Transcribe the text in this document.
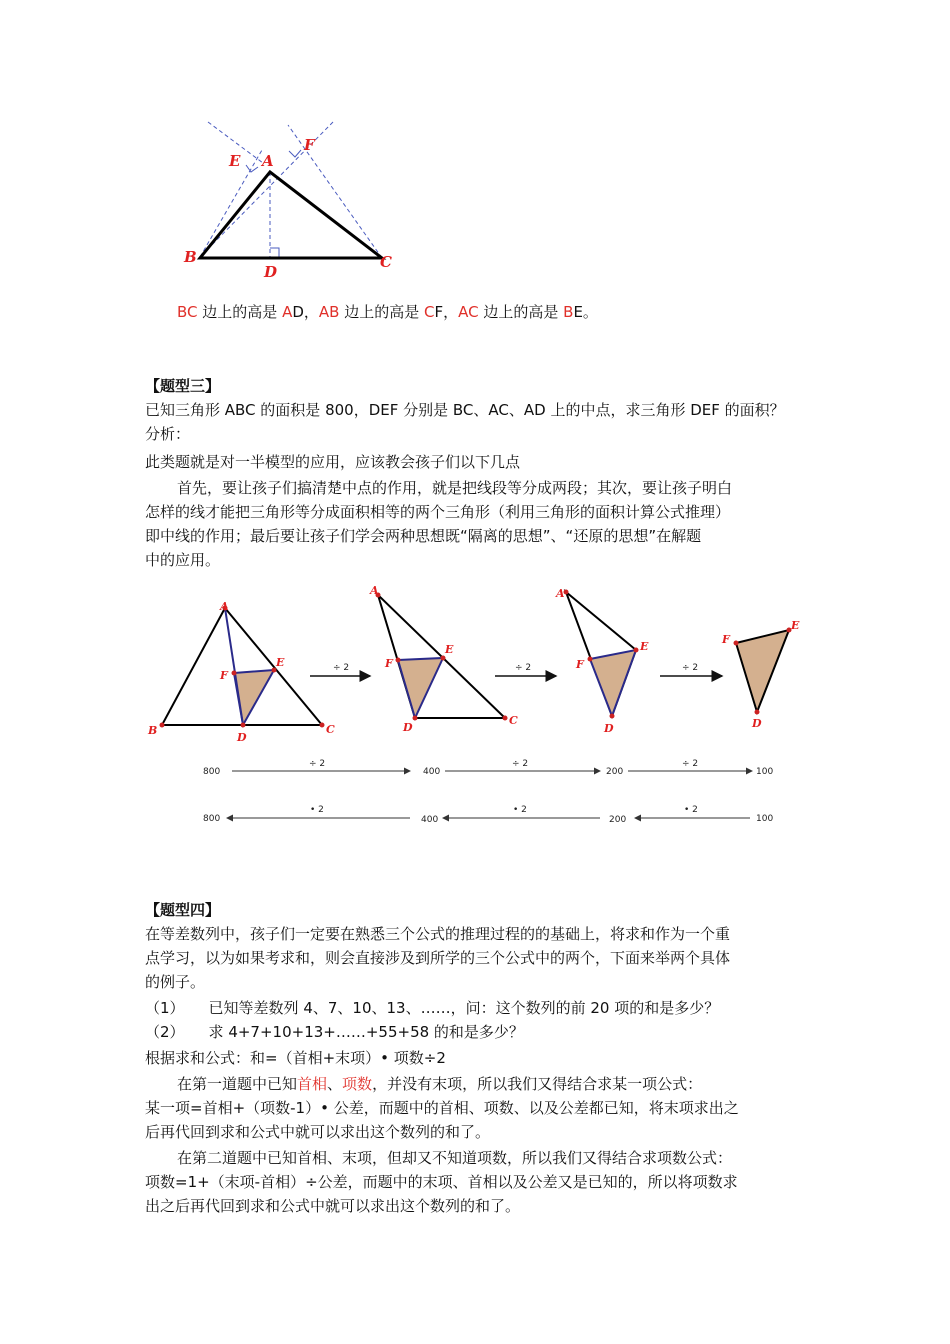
A
B	C
D
E
F
BC 边上的高是 AD，AB 边上的高是 CF，AC 边上的高是 BE。
【题型三】
已知三角形 ABC 的面积是 800，DEF 分别是 BC、AC、AD 上的中点，求三角形 DEF 的面积？
分析：
此类题就是对一半模型的应用，应该教会孩子们以下几点
首先，要让孩子们搞清楚中点的作用，就是把线段等分成两段；其次，要让孩子明白
怎样的线才能把三角形等分成面积相等的两个三角形（利用三角形的面积计算公式推理）
即中线的作用；最后要让孩子们学会两种思想既“隔离的思想”、“还原的思想”在解题
中的应用。
A
B	C
D
E
F
÷ 2
A
D
C
E
F	÷ 2
A
D
E
F	÷ 2
F
E
D
800
÷ 2
400
÷ 2
200
÷ 2
100
800
• 2
400
• 2
200
• 2
100
【题型四】
在等差数列中，孩子们一定要在熟悉三个公式的推理过程的的基础上，将求和作为一个重
点学习，以为如果考求和，则会直接涉及到所学的三个公式中的两个，下面来举两个具体
的例子。
（1） 已知等差数列 4、7、10、13、……，问：这个数列的前 20 项的和是多少？
（2） 求 4+7+10+13+……+55+58 的和是多少？
根据求和公式：和=（首相+末项）• 项数÷2
在第一道题中已知首相、项数，并没有末项，所以我们又得结合求某一项公式：
某一项=首相+（项数-1）• 公差，而题中的首相、项数、以及公差都已知，将末项求出之
后再代回到求和公式中就可以求出这个数列的和了。
在第二道题中已知首相、末项，但却又不知道项数，所以我们又得结合求项数公式：
项数=1+（末项-首相）÷公差，而题中的末项、首相以及公差又是已知的，所以将项数求
出之后再代回到求和公式中就可以求出这个数列的和了。
